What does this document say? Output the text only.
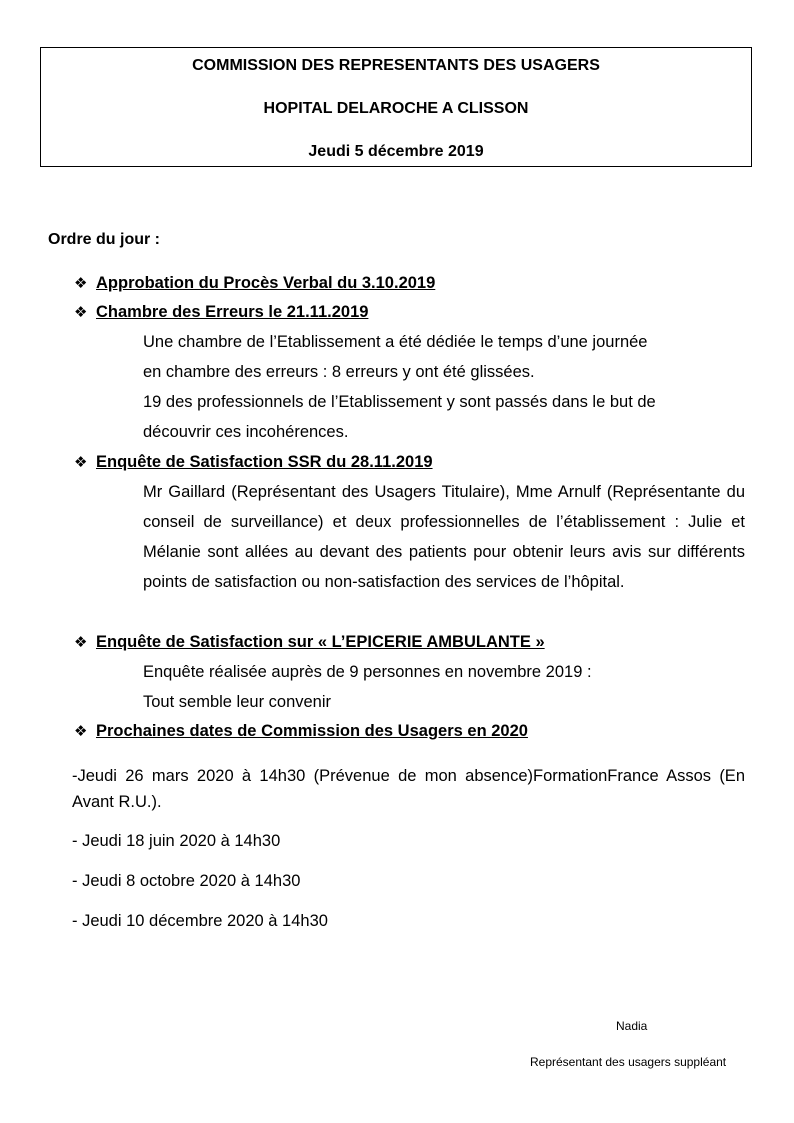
COMMISSION DES REPRESENTANTS DES USAGERS
HOPITAL DELAROCHE A CLISSON
Jeudi 5 décembre 2019
Ordre du jour :
❖ Approbation du Procès Verbal du 3.10.2019
❖ Chambre des Erreurs le 21.11.2019

Une chambre de l’Etablissement a été dédiée le temps d’une journée

en chambre des erreurs : 8 erreurs y ont été glissées.

19 des professionnels de l’Etablissement y sont passés dans le but de

découvrir ces incohérences.

❖ Enquête de Satisfaction SSR du 28.11.2019

Mr Gaillard (Représentant des Usagers Titulaire), Mme Arnulf (Représentante du conseil de surveillance) et deux professionnelles de l’établissement : Julie et Mélanie sont allées au devant des patients pour obtenir leurs avis sur différents points de satisfaction ou non-satisfaction des services de l’hôpital.

❖ Enquête de Satisfaction sur « L’EPICERIE AMBULANTE »

Enquête réalisée auprès de 9 personnes en novembre 2019 :

Tout semble leur convenir

❖ Prochaines dates de Commission des Usagers en 2020
-Jeudi 26 mars 2020 à 14h30 (Prévenue de mon absence)FormationFrance Assos (En Avant R.U.).
- Jeudi 18 juin 2020 à 14h30
- Jeudi 8 octobre 2020 à 14h30
- Jeudi 10 décembre 2020 à 14h30
Nadia
Représentant des usagers suppléant
